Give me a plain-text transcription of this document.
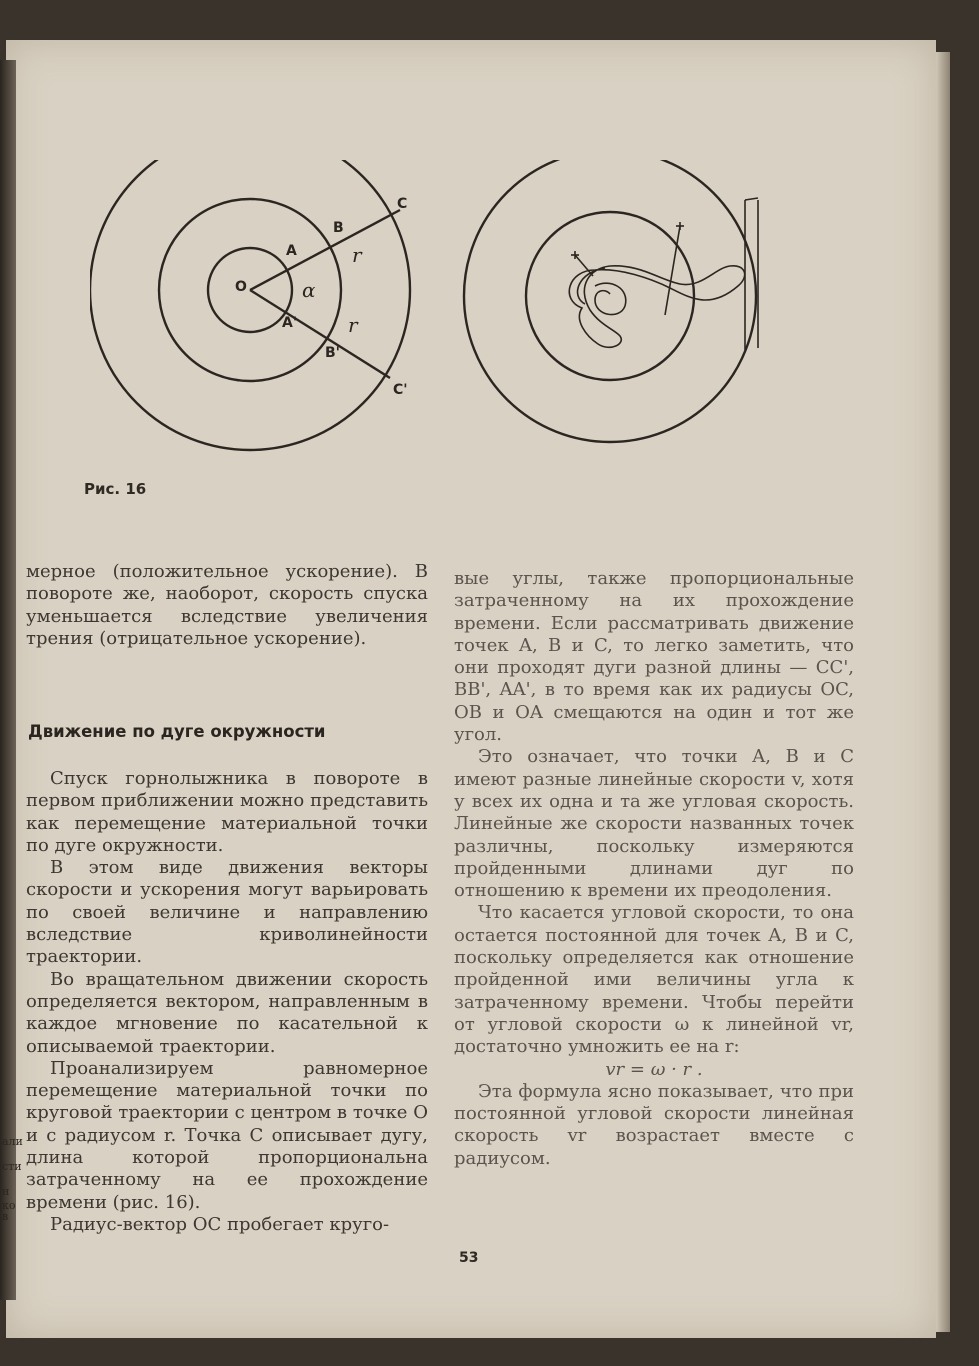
али
сти
н ко
в
O
A
A'
B
B'
C
C'
α
r
r
Рис. 16

мерное (положительное ускорение). В повороте же, наоборот, скорость спуска уменьшается вследствие увеличения трения (отрицательное ускорение).

Движение по дуге окружности

Спуск горнолыжника в повороте в первом приближении можно представить как перемещение материальной точки по дуге окружности.

В этом виде движения векторы скорости и ускорения могут варьировать по своей величине и направлению вследствие криволинейности траектории.

Во вращательном движении скорость определяется вектором, направленным в каждое мгновение по касательной к описываемой траектории.

Проанализируем равномерное перемещение материальной точки по круговой траектории с центром в точке O и с радиусом r. Точка C описывает дугу, длина которой пропорциональна затраченному на ее прохождение времени (рис. 16).

Радиус-вектор OC пробегает круго-

вые углы, также пропорциональные затраченному на их прохождение времени. Если рассматривать движение точек A, B и C, то легко заметить, что они проходят дуги разной длины — CC', BB', AA', в то время как их радиусы OC, OB и OA смещаются на один и тот же угол.

Это означает, что точки A, B и C имеют разные линейные скорости v, хотя у всех их одна и та же угловая скорость. Линейные же скорости названных точек различны, поскольку измеряются пройденными длинами дуг по отношению к времени их преодоления.

Что касается угловой скорости, то она остается постоянной для точек A, B и C, поскольку определяется как отношение пройденной ими величины угла к затраченному времени. Чтобы перейти от угловой скорости ω к линейной vr, достаточно умножить ее на r:

vr = ω · r .

Эта формула ясно показывает, что при постоянной угловой скорости линейная скорость vr возрастает вместе с радиусом.

53
